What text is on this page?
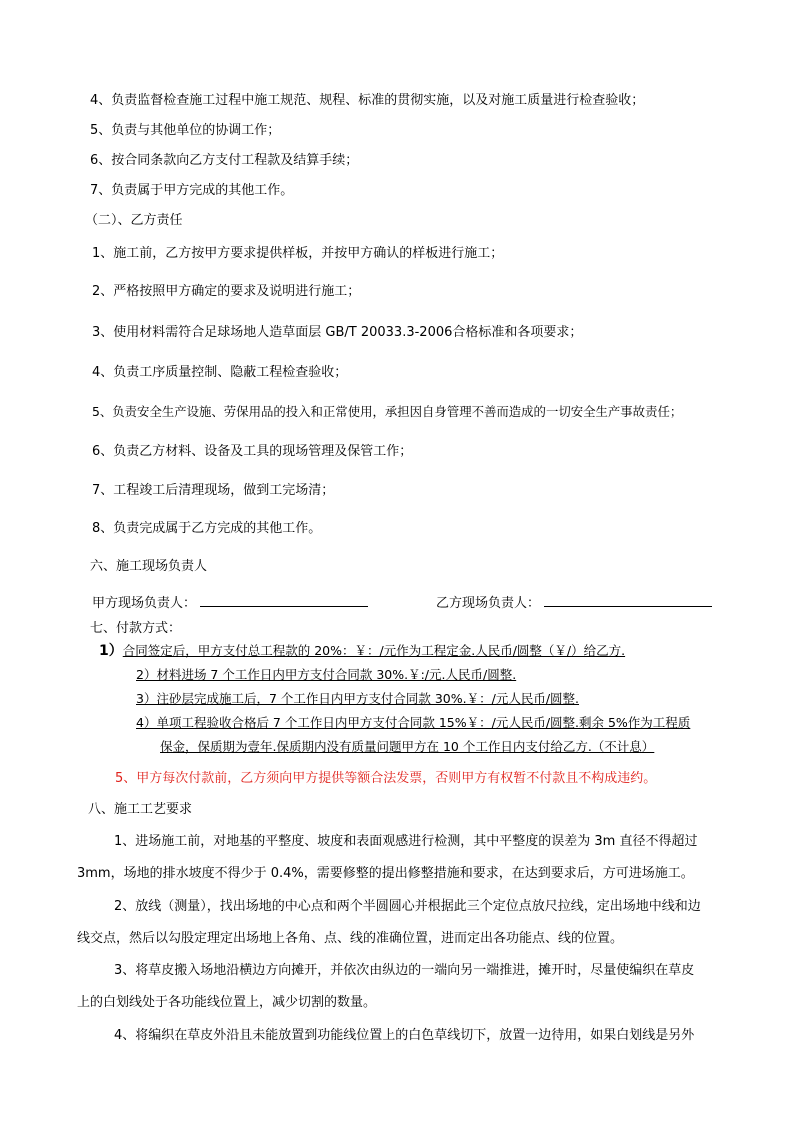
4、负责监督检查施工过程中施工规范、规程、标准的贯彻实施，以及对施工质量进行检查验收；
5、负责与其他单位的协调工作；
6、按合同条款向乙方支付工程款及结算手续；
7、负责属于甲方完成的其他工作。
（二）、乙方责任
1、施工前，乙方按甲方要求提供样板，并按甲方确认的样板进行施工；
2、严格按照甲方确定的要求及说明进行施工；
3、使用材料需符合足球场地人造草面层 GB/T 20033.3-2006合格标准和各项要求；
4、负责工序质量控制、隐蔽工程检查验收；
5、负责安全生产设施、劳保用品的投入和正常使用，承担因自身管理不善而造成的一切安全生产事故责任；
6、负责乙方材料、设备及工具的现场管理及保管工作；
7、工程竣工后清理现场，做到工完场清；
8、负责完成属于乙方完成的其他工作。
六、施工现场负责人
甲方现场负责人：	乙方现场负责人：
七、付款方式：
1）合同签定后，甲方支付总工程款的 20%：￥：/元作为工程定金.人民币/圆整（￥/）给乙方.
2）材料进场 7 个工作日内甲方支付合同款 30%.￥:/元.人民币/圆整.
3）注砂层完成施工后，7 个工作日内甲方支付合同款 30%.￥：/元人民币/圆整.
4）单项工程验收合格后 7 个工作日内甲方支付合同款 15%￥：/元人民币/圆整.剩余 5%作为工程质
保金，保质期为壹年.保质期内没有质量问题甲方在 10 个工作日内支付给乙方.（不计息）
5、甲方每次付款前，乙方须向甲方提供等额合法发票，否则甲方有权暂不付款且不构成违约。
八、施工工艺要求
1、进场施工前，对地基的平整度、坡度和表面观感进行检测，其中平整度的误差为 3m 直径不得超过
3mm，场地的排水坡度不得少于 0.4%，需要修整的提出修整措施和要求，在达到要求后，方可进场施工。
2、放线（测量），找出场地的中心点和两个半圆圆心并根据此三个定位点放尺拉线，定出场地中线和边
线交点，然后以勾股定理定出场地上各角、点、线的准确位置，进而定出各功能点、线的位置。
3、将草皮搬入场地沿横边方向摊开，并依次由纵边的一端向另一端推进，摊开时，尽量使编织在草皮
上的白划线处于各功能线位置上，减少切割的数量。
4、将编织在草皮外沿且未能放置到功能线位置上的白色草线切下，放置一边待用，如果白划线是另外
